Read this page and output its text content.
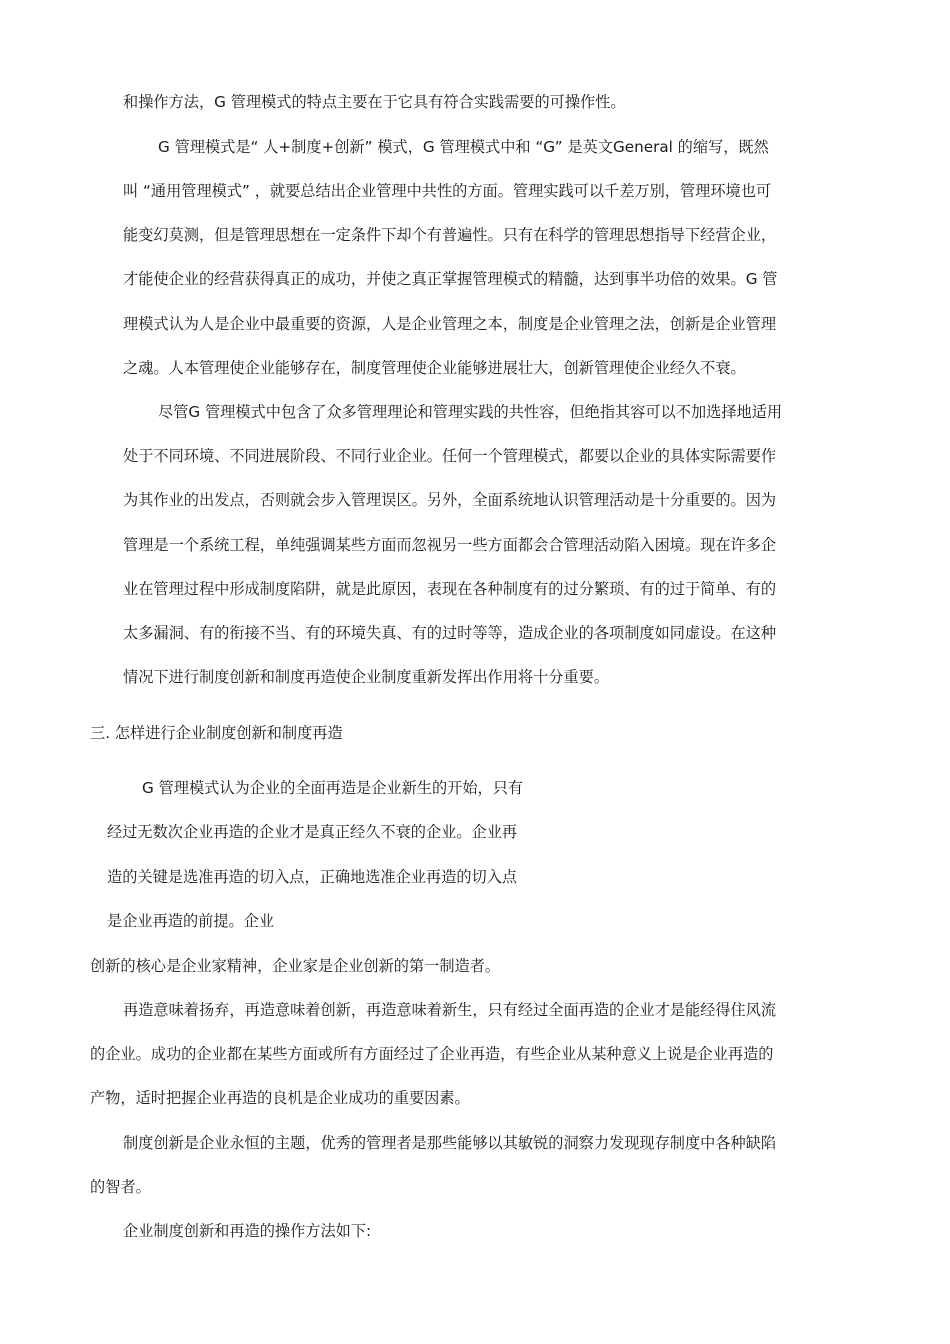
和操作方法，G 管理模式的特点主要在于它具有符合实践需要的可操作性。
G 管理模式是“ 人+制度+创新” 模式，G 管理模式中和 “G” 是英文General 的缩写，既然
叫 “通用管理模式” ，就要总结出企业管理中共性的方面。管理实践可以千差万别，管理环境也可
能变幻莫测，但是管理思想在一定条件下却个有普遍性。只有在科学的管理思想指导下经营企业，
才能使企业的经营获得真正的成功，并使之真正掌握管理模式的精髓，达到事半功倍的效果。G 管
理模式认为人是企业中最重要的资源，人是企业管理之本，制度是企业管理之法，创新是企业管理
之魂。人本管理使企业能够存在，制度管理使企业能够进展壮大，创新管理使企业经久不衰。
尽管G 管理模式中包含了众多管理理论和管理实践的共性容，但绝指其容可以不加选择地适用
处于不同环境、不同进展阶段、不同行业企业。任何一个管理模式，都要以企业的具体实际需要作
为其作业的出发点，否则就会步入管理误区。另外，全面系统地认识管理活动是十分重要的。因为
管理是一个系统工程，单纯强调某些方面而忽视另一些方面都会合管理活动陷入困境。现在许多企
业在管理过程中形成制度陷阱，就是此原因，表现在各种制度有的过分繁琐、有的过于简单、有的
太多漏洞、有的衔接不当、有的环境失真、有的过时等等，造成企业的各项制度如同虚设。在这种
情况下进行制度创新和制度再造使企业制度重新发挥出作用将十分重要。
三. 怎样进行企业制度创新和制度再造
G 管理模式认为企业的全面再造是企业新生的开始，只有
经过无数次企业再造的企业才是真正经久不衰的企业。企业再
造的关键是选准再造的切入点，正确地选准企业再造的切入点
是企业再造的前提。企业
创新的核心是企业家精神，企业家是企业创新的第一制造者。
再造意味着扬弃，再造意味着创新，再造意味着新生，只有经过全面再造的企业才是能经得住风流
的企业。成功的企业都在某些方面或所有方面经过了企业再造，有些企业从某种意义上说是企业再造的
产物，适时把握企业再造的良机是企业成功的重要因素。
制度创新是企业永恒的主题，优秀的管理者是那些能够以其敏锐的洞察力发现现存制度中各种缺陷
的智者。
企业制度创新和再造的操作方法如下:
